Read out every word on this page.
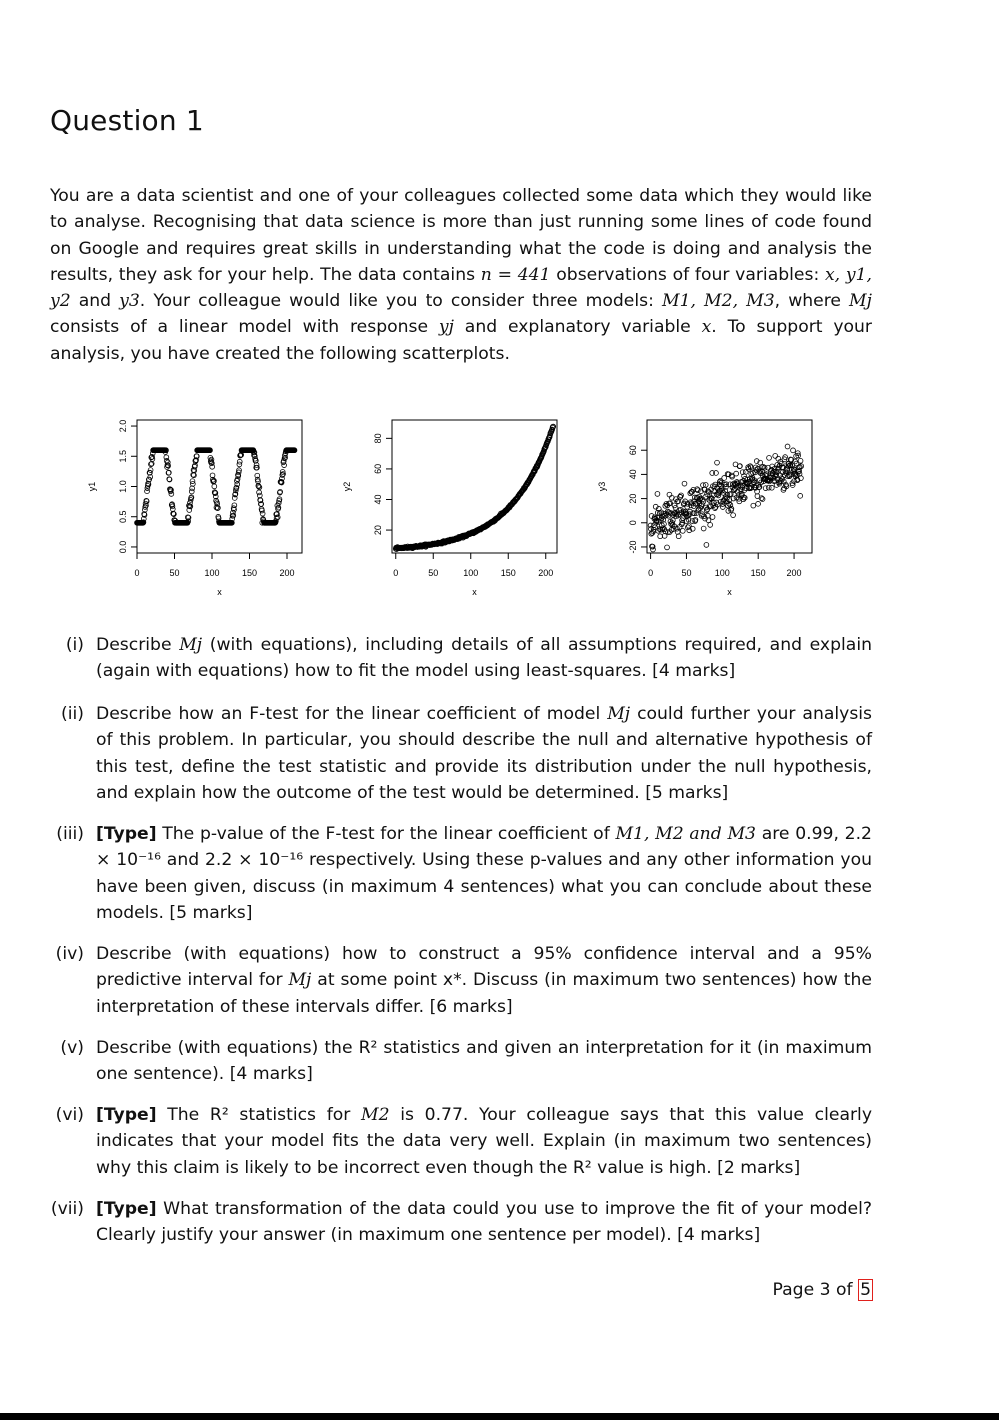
Question 1

You are a data scientist and one of your colleagues collected some data which they would like to analyse. Recognising that data science is more than just running some lines of code found on Google and requires great skills in understanding what the code is doing and analysis the results, they ask for your help. The data contains n = 441 observations of four variables: x, y1, y2 and y3. Your colleague would like you to consider three models: M1, M2, M3, where Mj consists of a linear model with response yj and explanatory variable x. To support your analysis, you have created the following scatterplots.

0	50	100 150 200
0.0
0.5
1.0
1.5
2.0
x
y1
0	50	100 150 200
20
40
60
80
x
y2
0	50	100 150 200
-20
0
20
40
60
x
y3
(i) Describe Mj (with equations), including details of all assumptions required, and explain (again with equations) how to fit the model using least-squares. [4 marks]
(ii) Describe how an F-test for the linear coefficient of model Mj could further your analysis of this problem. In particular, you should describe the null and alternative hypothesis of this test, define the test statistic and provide its distribution under the null hypothesis, and explain how the outcome of the test would be determined. [5 marks]
(iii) [Type] The p-value of the F-test for the linear coefficient of M1, M2 and M3 are 0.99, 2.2 × 10⁻¹⁶ and 2.2 × 10⁻¹⁶ respectively. Using these p-values and any other information you have been given, discuss (in maximum 4 sentences) what you can conclude about these models. [5 marks]
(iv) Describe (with equations) how to construct a 95% confidence interval and a 95% predictive interval for Mj at some point x*. Discuss (in maximum two sentences) how the interpretation of these intervals differ. [6 marks]
(v) Describe (with equations) the R² statistics and given an interpretation for it (in maximum one sentence). [4 marks]
(vi) [Type] The R² statistics for M2 is 0.77. Your colleague says that this value clearly indicates that your model fits the data very well. Explain (in maximum two sentences) why this claim is likely to be incorrect even though the R² value is high. [2 marks]
(vii) [Type] What transformation of the data could you use to improve the fit of your model? Clearly justify your answer (in maximum one sentence per model). [4 marks]
Page 3 of 5
